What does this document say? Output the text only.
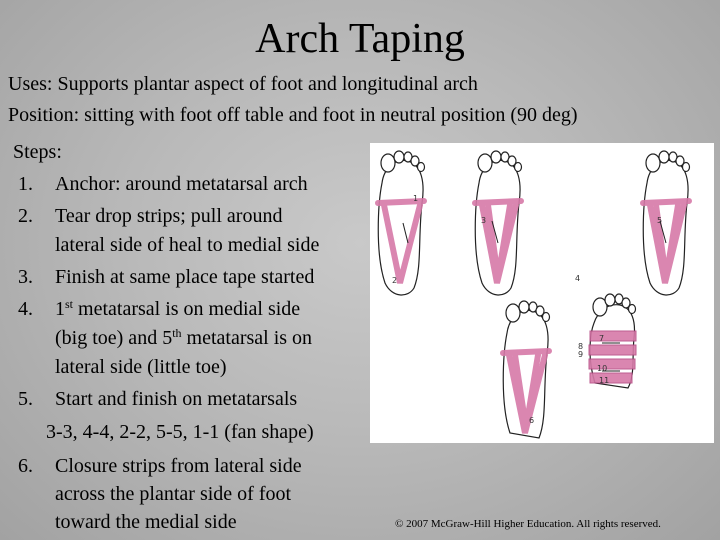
Arch Taping
Uses: Supports plantar aspect of foot and longitudinal arch
Position: sitting with foot off table and foot in neutral position (90 deg)
Steps:
1. Anchor: around metatarsal arch
2. Tear drop strips; pull around
lateral side of heal to medial side
3. Finish at same place tape started
4. 1st metatarsal is on medial side
(big toe) and 5th metatarsal is on
lateral side (little toe)
5. Start and finish on metatarsals
3-3, 4-4, 2-2, 5-5, 1-1 (fan shape)
6. Closure strips from lateral side
across the plantar side of foot
toward the medial side
1
2
3
4
5
6
7
8
9
10
11
© 2007 McGraw-Hill Higher Education. All rights reserved.
